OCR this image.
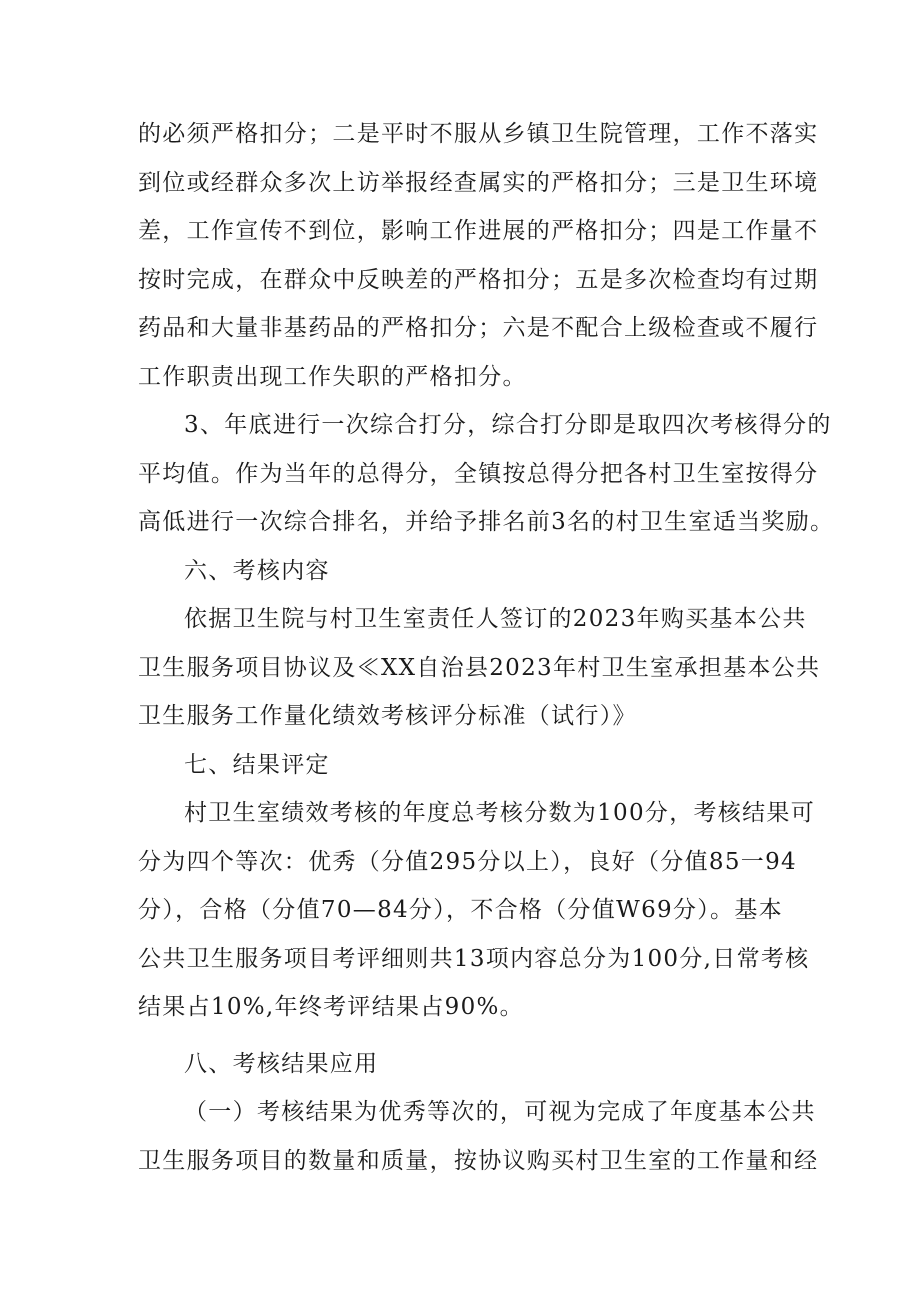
的必须严格扣分；二是平时不服从乡镇卫生院管理，工作不落实
到位或经群众多次上访举报经查属实的严格扣分；三是卫生环境
差，工作宣传不到位，影响工作进展的严格扣分；四是工作量不
按时完成，在群众中反映差的严格扣分；五是多次检查均有过期
药品和大量非基药品的严格扣分；六是不配合上级检查或不履行
工作职责出现工作失职的严格扣分。
3、年底进行一次综合打分，综合打分即是取四次考核得分的
平均值。作为当年的总得分，全镇按总得分把各村卫生室按得分
高低进行一次综合排名，并给予排名前3名的村卫生室适当奖励。
六、考核内容
依据卫生院与村卫生室责任人签订的2023年购买基本公共
卫生服务项目协议及≪XX自治县2023年村卫生室承担基本公共
卫生服务工作量化绩效考核评分标准（试行）》
七、结果评定
村卫生室绩效考核的年度总考核分数为100分，考核结果可
分为四个等次：优秀（分值295分以上），良好（分值85一94
分），合格（分值70—84分），不合格（分值W69分）。基本
公共卫生服务项目考评细则共13项内容总分为100分,日常考核
结果占10%,年终考评结果占90%。
八、考核结果应用
（一）考核结果为优秀等次的，可视为完成了年度基本公共
卫生服务项目的数量和质量，按协议购买村卫生室的工作量和经
